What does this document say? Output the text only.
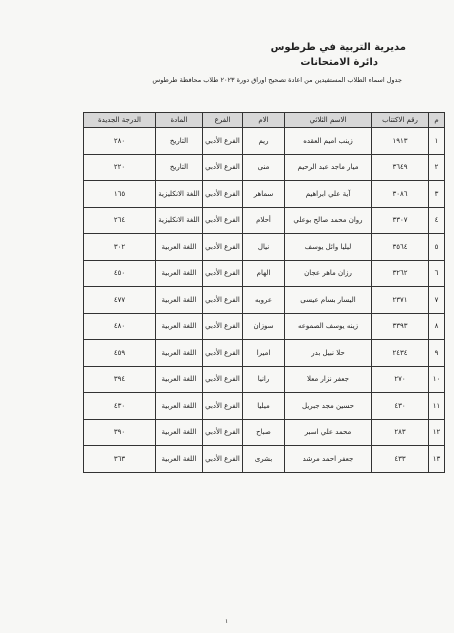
مديرية التربية في طرطوس
دائرة الامتحانات
جدول اسماء الطلاب المستفيدين من اعادة تصحيح اوراق دورة ٢٠٢٣ طلاب محافظة طرطوس
م	رقم الاكتتاب	الاسم الثلاثي	الام	الفرع	المادة	الدرجة الجديدة
١	١٩١٣	زينب اميم العقده	ريم	الفرع الأدبي	التاريخ	٢٨٠
٢	٣٦٤٩	ميار ماجد عبد الرحيم	منى	الفرع الأدبي	التاريخ	٢٢٠
٣	٣٠٨٦	آية علي ابراهيم	سماهر	الفرع الأدبي	اللغة الانكليزية	١٦٥
٤	٣٣٠٧	روان محمد صالح بوعلي	أحلام	الفرع الأدبي	اللغة الانكليزية	٢٦٤
٥	٣٥٦٤	ليليا وائل يوسف	نيال	الفرع الأدبي	اللغة العربية	٣٠٢
٦	٣٢٦٢	رزان ماهر عجان	الهام	الفرع الأدبي	اللغة العربية	٤٥٠
٧	٢٣٧١	اليسار بسام عيسى	عروبه	الفرع الأدبي	اللغة العربية	٤٧٧
٨	٣٣٩٣	زينه يوسف الصموعه	سوزان	الفرع الأدبي	اللغة العربية	٤٨٠
٩	٢٤٣٤	حلا نبيل بدر	اميرا	الفرع الأدبي	اللغة العربية	٤٥٩
١٠	٢٧٠	جعفر نزار معلا	رانيا	الفرع الأدبي	اللغة العربية	٣٩٤
١١	٤٣٠	حسين مجد جبريل	ميليا	الفرع الأدبي	اللغة العربية	٤٣٠
١٢	٢٨٣	محمد علي اسبر	صباح	الفرع الأدبي	اللغة العربية	٣٩٠
١٣	٤٣٣	جعفر احمد مرشد	بشرى	الفرع الأدبي	اللغة العربية	٣٦٣
١
